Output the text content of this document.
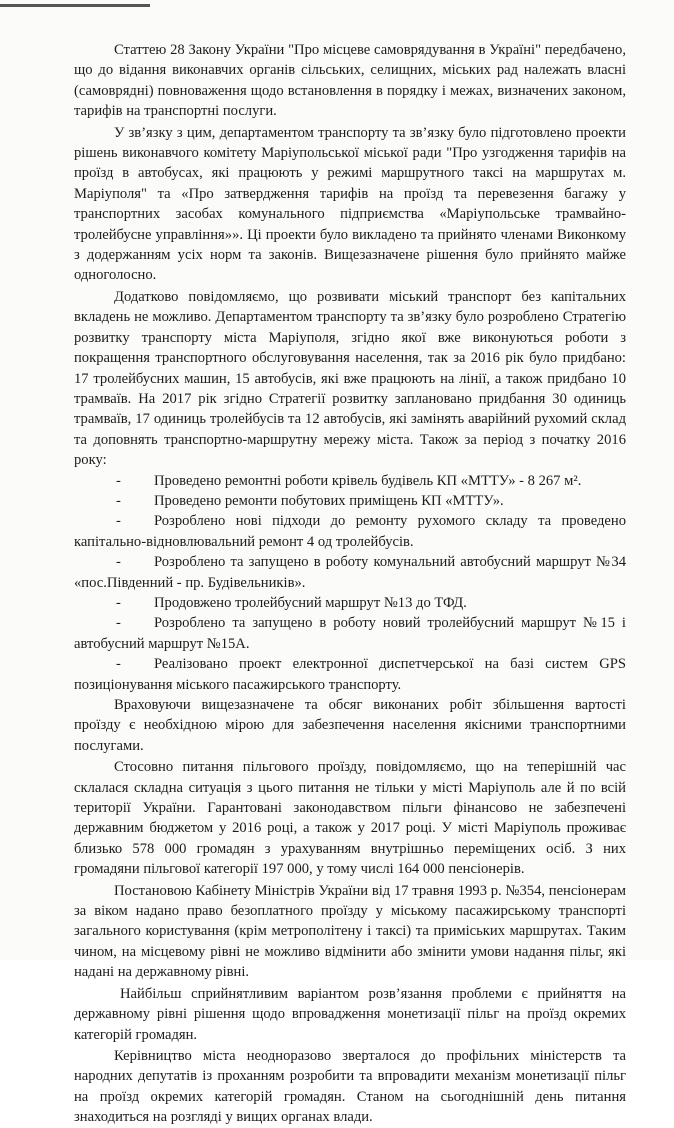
Статтею 28 Закону України "Про місцеве самоврядування в Україні" передбачено, що до відання виконавчих органів сільських, селищних, міських рад належать власні (самоврядні) повноваження щодо встановлення в порядку і межах, визначених законом, тарифів на транспортні послуги.

У зв’язку з цим, департаментом транспорту та зв’язку було підготовлено проекти рішень виконавчого комітету Маріупольської міської ради "Про узгодження тарифів на проїзд в автобусах, які працюють у режимі маршрутного таксі на маршрутах м. Маріуполя" та «Про затвердження тарифів на проїзд та перевезення багажу у транспортних засобах комунального підприємства «Маріупольське трамвайно-тролейбусне управління»». Ці проекти було викладено та прийнято членами Виконкому з додержанням усіх норм та законів. Вищезазначене рішення було прийнято майже одноголосно.

Додатково повідомляємо, що розвивати міський транспорт без капітальних вкладень не можливо. Департаментом транспорту та зв’язку було розроблено Стратегію розвитку транспорту міста Маріуполя, згідно якої вже виконуються роботи з покращення транспортного обслуговування населення, так за 2016 рік було придбано: 17 тролейбусних машин, 15 автобусів, які вже працюють на лінії, а також придбано 10 трамваїв. На 2017 рік згідно Стратегії розвитку заплановано придбання 30 одиниць трамваїв, 17 одиниць тролейбусів та 12 автобусів, які замінять аварійний рухомий склад та доповнять транспортно-маршрутну мережу міста. Також за період з початку 2016 року:

- Проведено ремонтні роботи крівель будівель КП «МТТУ» - 8 267 м².
- Проведено ремонти побутових приміщень КП «МТТУ».
- Розроблено нові підходи до ремонту рухомого складу та проведено капітально-відновлювальний ремонт 4 од тролейбусів.
- Розроблено та запущено в роботу комунальний автобусний маршрут №34 «пос.Південний - пр. Будівельників».
- Продовжено тролейбусний маршрут №13 до ТФД.
- Розроблено та запущено в роботу новий тролейбусний маршрут №15 і автобусний маршрут №15А.
- Реалізовано проект електронної диспетчерської на базі систем GPS позиціонування міського пасажирського транспорту.

Враховуючи вищезазначене та обсяг виконаних робіт збільшення вартості проїзду є необхідною мірою для забезпечення населення якісними транспортними послугами.

Стосовно питання пільгового проїзду, повідомляємо, що на теперішній час склалася складна ситуація з цього питання не тільки у місті Маріуполь але й по всій території України. Гарантовані законодавством пільги фінансово не забезпечені державним бюджетом у 2016 році, а також у 2017 році. У місті Маріуполь проживає близько 578 000 громадян з урахуванням внутрішньо переміщених осіб. З них громадяни пільгової категорії 197 000, у тому числі 164 000 пенсіонерів.

Постановою Кабінету Міністрів України від 17 травня 1993 р. №354, пенсіонерам за віком надано право безоплатного проїзду у міському пасажирському транспорті загального користування (крім метрополітену і таксі) та приміських маршрутах. Таким чином, на місцевому рівні не можливо відмінити або змінити умови надання пільг, які надані на державному рівні.

Найбільш сприйнятливим варіантом розв’язання проблеми є прийняття на державному рівні рішення щодо впровадження монетизації пільг на проїзд окремих категорій громадян.

Керівництво міста неодноразово зверталося до профільних міністерств та народних депутатів із проханням розробити та впровадити механізм монетизації пільг на проїзд окремих категорій громадян. Станом на сьогоднішній день питання знаходиться на розгляді у вищих органах влади.
